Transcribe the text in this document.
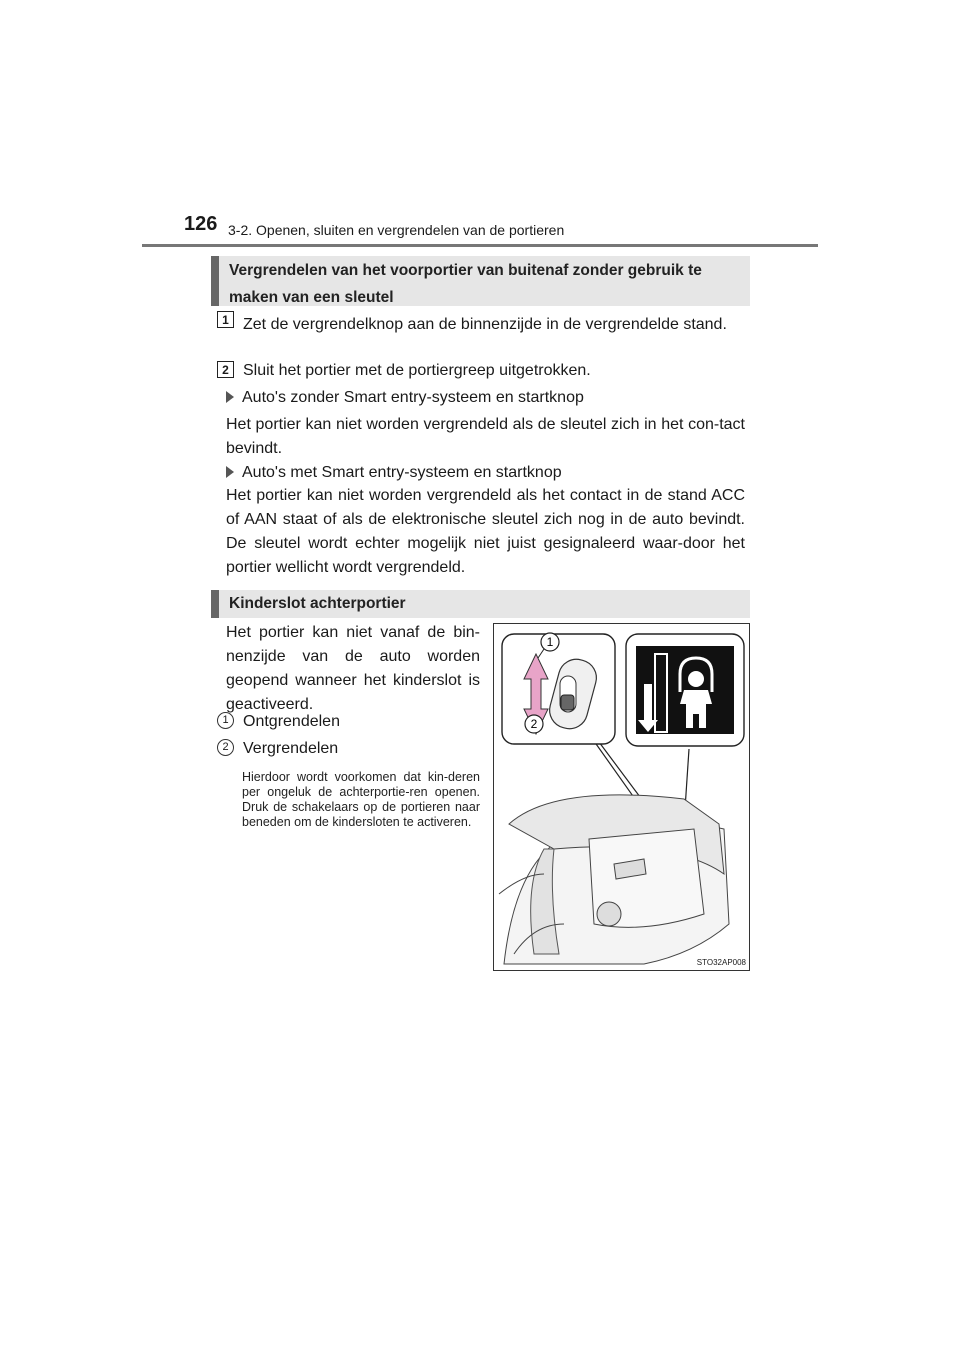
126 3-2. Openen, sluiten en vergrendelen van de portieren
Vergrendelen van het voorportier van buitenaf zonder gebruik te maken van een sleutel
1 Zet de vergrendelknop aan de binnenzijde in de vergrendelde stand.
2 Sluit het portier met de portiergreep uitgetrokken.
Auto's zonder Smart entry-systeem en startknop
Het portier kan niet worden vergrendeld als de sleutel zich in het con-tact bevindt.
Auto's met Smart entry-systeem en startknop
Het portier kan niet worden vergrendeld als het contact in de stand ACC of AAN staat of als de elektronische sleutel zich nog in de auto bevindt. De sleutel wordt echter mogelijk niet juist gesignaleerd waar-door het portier wellicht wordt vergrendeld.
Kinderslot achterportier
Het portier kan niet vanaf de bin-nenzijde van de auto worden geopend wanneer het kinderslot is geactiveerd.
1 Ontgrendelen
2 Vergrendelen
Hierdoor wordt voorkomen dat kin-deren per ongeluk de achterportie-ren openen. Druk de schakelaars op de portieren naar beneden om de kindersloten te activeren.
1
2
STO32AP008
